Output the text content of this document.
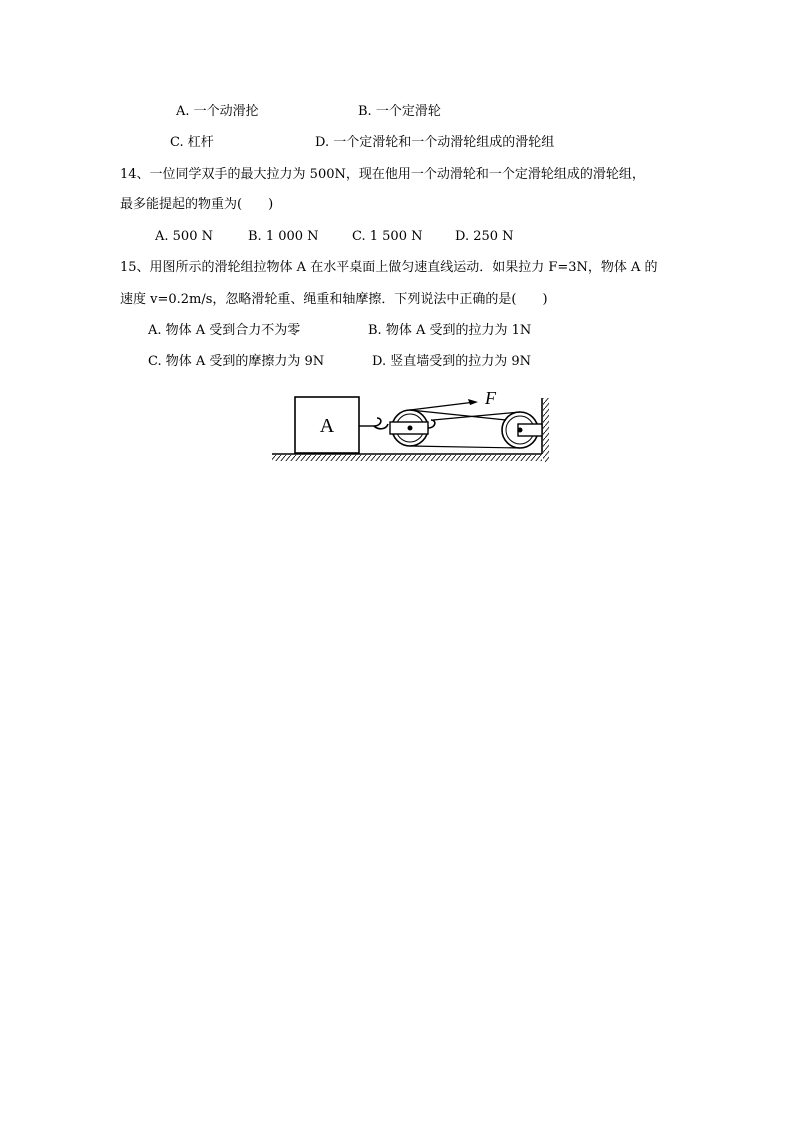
A. 一个动滑抡	B. 一个定滑轮
C. 杠杆	D. 一个定滑轮和一个动滑轮组成的滑轮组
14、一位同学双手的最大拉力为 500N，现在他用一个动滑轮和一个定滑轮组成的滑轮组，
最多能提起的物重为(　　)
A. 500 N	B. 1 000 N	C. 1 500 N	D. 250 N
15、用图所示的滑轮组拉物体 A 在水平桌面上做匀速直线运动．如果拉力 F=3N，物体 A 的
速度 v=0.2m/s，忽略滑轮重、绳重和轴摩擦．下列说法中正确的是(　　)
A. 物体 A 受到合力不为零	B. 物体 A 受到的拉力为 1N
C. 物体 A 受到的摩擦力为 9N	D. 竖直墙受到的拉力为 9N
A
F
